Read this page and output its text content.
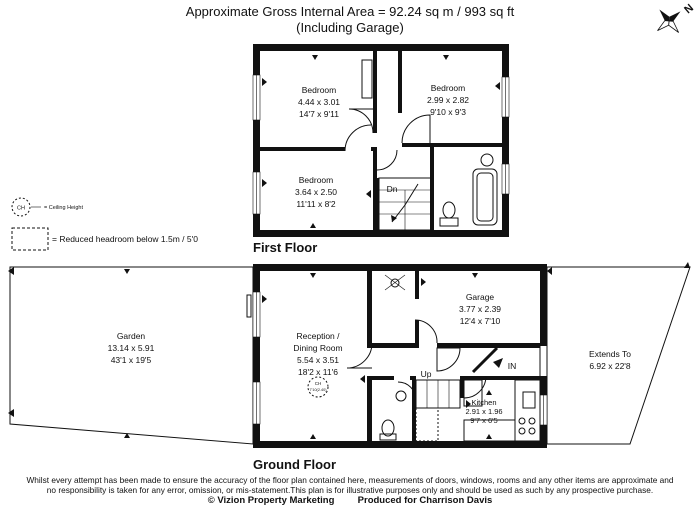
Approximate Gross Internal Area = 92.24 sq m / 993 sq ft
(Including Garage)
N
CH	= Ceiling Height
= Reduced headroom below 1.5m / 5'0
Bedroom
4.44 x 3.01
14'7 x 9'11
Bedroom
2.99 x 2.82
9'10 x 9'3
Bedroom
3.64 x 2.50
11'11 x 8'2
Dn
First Floor
CH
7'10(2.40)
Garden
13.14 x 5.91
43'1 x 19'5
Reception /
Dining Room
5.54 x 3.51
18'2 x 11'6
Garage
3.77 x 2.39
12'4 x 7'10
Kitchen
2.91 x 1.96
9'7 x 6'5
Extends To
6.92 x 22'8
Up
IN
Ground Floor
Whilst every attempt has been made to ensure the accuracy of the floor plan contained here, measurements of doors, windows, rooms and any other items are approximate and
no responsibility is taken for any error, omission, or mis-statement.This plan is for illustrative purposes only and should be used as such by any prospective purchase.
© Vizion Property Marketing Produced for Charrison Davis
